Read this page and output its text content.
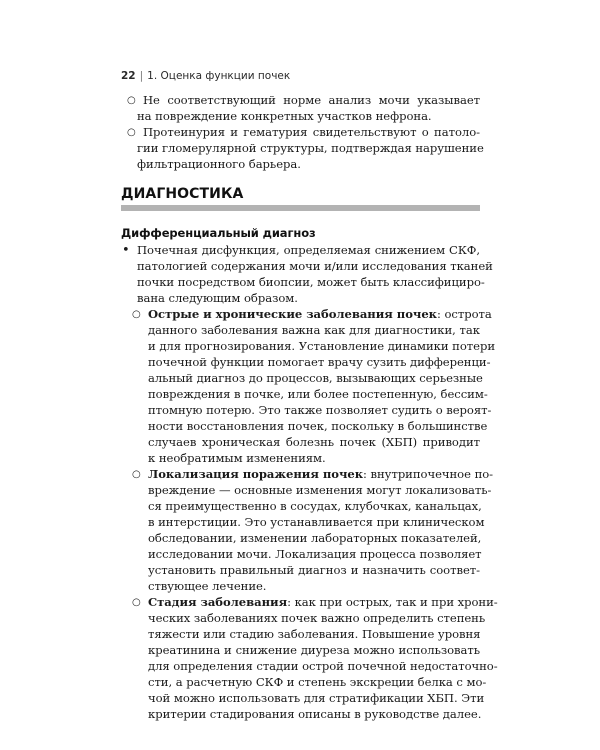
22 | 1. Оценка функции почек
○ Не соответствующий норме анализ мочи указывает
на повреждение конкретных участков нефрона.
○ Протеинурия и гематурия свидетельствуют о патоло-
гии гломерулярной структуры, подтверждая нарушение
фильтрационного барьера.
ДИАГНОСТИКА
Дифференциальный диагноз
• Почечная дисфункция, определяемая снижением СКФ,
патологией содержания мочи и/или исследования тканей
почки посредством биопсии, может быть классифициро-
вана следующим образом.
○ Острые и хронические заболевания почек: острота
данного заболевания важна как для диагностики, так
и для прогнозирования. Установление динамики потери
почечной функции помогает врачу сузить дифференци-
альный диагноз до процессов, вызывающих серьезные
повреждения в почке, или более постепенную, бессим-
птомную потерю. Это также позволяет судить о вероят-
ности восстановления почек, поскольку в большинстве
случаев хроническая болезнь почек (ХБП) приводит
к необратимым изменениям.
○ Локализация поражения почек: внутрипочечное по-
вреждение — основные изменения могут локализовать-
ся преимущественно в сосудах, клубочках, канальцах,
в интерстиции. Это устанавливается при клиническом
обследовании, изменении лабораторных показателей,
исследовании мочи. Локализация процесса позволяет
установить правильный диагноз и назначить соответ-
ствующее лечение.
○ Стадия заболевания: как при острых, так и при хрони-
ческих заболеваниях почек важно определить степень
тяжести или стадию заболевания. Повышение уровня
креатинина и снижение диуреза можно использовать
для определения стадии острой почечной недостаточно-
сти, а расчетную СКФ и степень экскреции белка с мо-
чой можно использовать для стратификации ХБП. Эти
критерии стадирования описаны в руководстве далее.
